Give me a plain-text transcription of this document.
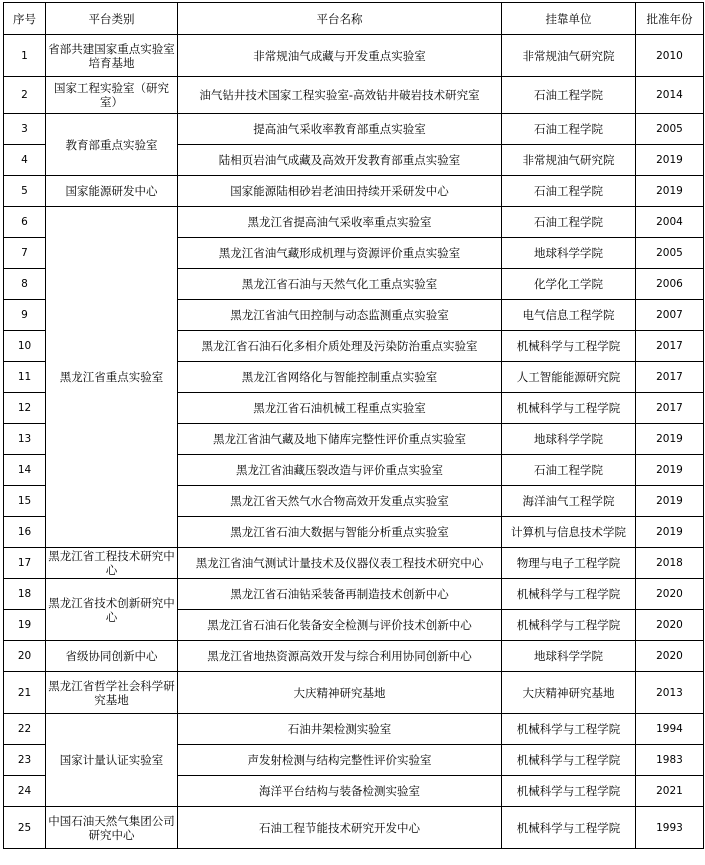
序号	平台类别	平台名称	挂靠单位	批准年份
1	省部共建国家重点实验室培育基地	非常规油气成藏与开发重点实验室	非常规油气研究院	2010
2	国家工程实验室（研究室）	油气钻井技术国家工程实验室-高效钻井破岩技术研究室	石油工程学院	2014
3	教育部重点实验室	提高油气采收率教育部重点实验室	石油工程学院	2005
4		陆相页岩油气成藏及高效开发教育部重点实验室	非常规油气研究院	2019
5	国家能源研发中心	国家能源陆相砂岩老油田持续开采研发中心	石油工程学院	2019
6	黑龙江省重点实验室	黑龙江省提高油气采收率重点实验室	石油工程学院	2004
7		黑龙江省油气藏形成机理与资源评价重点实验室	地球科学学院	2005
8		黑龙江省石油与天然气化工重点实验室	化学化工学院	2006
9		黑龙江省油气田控制与动态监测重点实验室	电气信息工程学院	2007
10		黑龙江省石油石化多相介质处理及污染防治重点实验室	机械科学与工程学院	2017
11		黑龙江省网络化与智能控制重点实验室	人工智能能源研究院	2017
12		黑龙江省石油机械工程重点实验室	机械科学与工程学院	2017
13		黑龙江省油气藏及地下储库完整性评价重点实验室	地球科学学院	2019
14		黑龙江省油藏压裂改造与评价重点实验室	石油工程学院	2019
15		黑龙江省天然气水合物高效开发重点实验室	海洋油气工程学院	2019
16		黑龙江省石油大数据与智能分析重点实验室	计算机与信息技术学院	2019
17	黑龙江省工程技术研究中心	黑龙江省油气测试计量技术及仪器仪表工程技术研究中心	物理与电子工程学院	2018
18	黑龙江省技术创新研究中心	黑龙江省石油钻采装备再制造技术创新中心	机械科学与工程学院	2020
19		黑龙江省石油石化装备安全检测与评价技术创新中心	机械科学与工程学院	2020
20	省级协同创新中心	黑龙江省地热资源高效开发与综合利用协同创新中心	地球科学学院	2020
21	黑龙江省哲学社会科学研究基地	大庆精神研究基地	大庆精神研究基地	2013
22	国家计量认证实验室	石油井架检测实验室	机械科学与工程学院	1994
23		声发射检测与结构完整性评价实验室	机械科学与工程学院	1983
24		海洋平台结构与装备检测实验室	机械科学与工程学院	2021
25	中国石油天然气集团公司研究中心	石油工程节能技术研究开发中心	机械科学与工程学院	1993
